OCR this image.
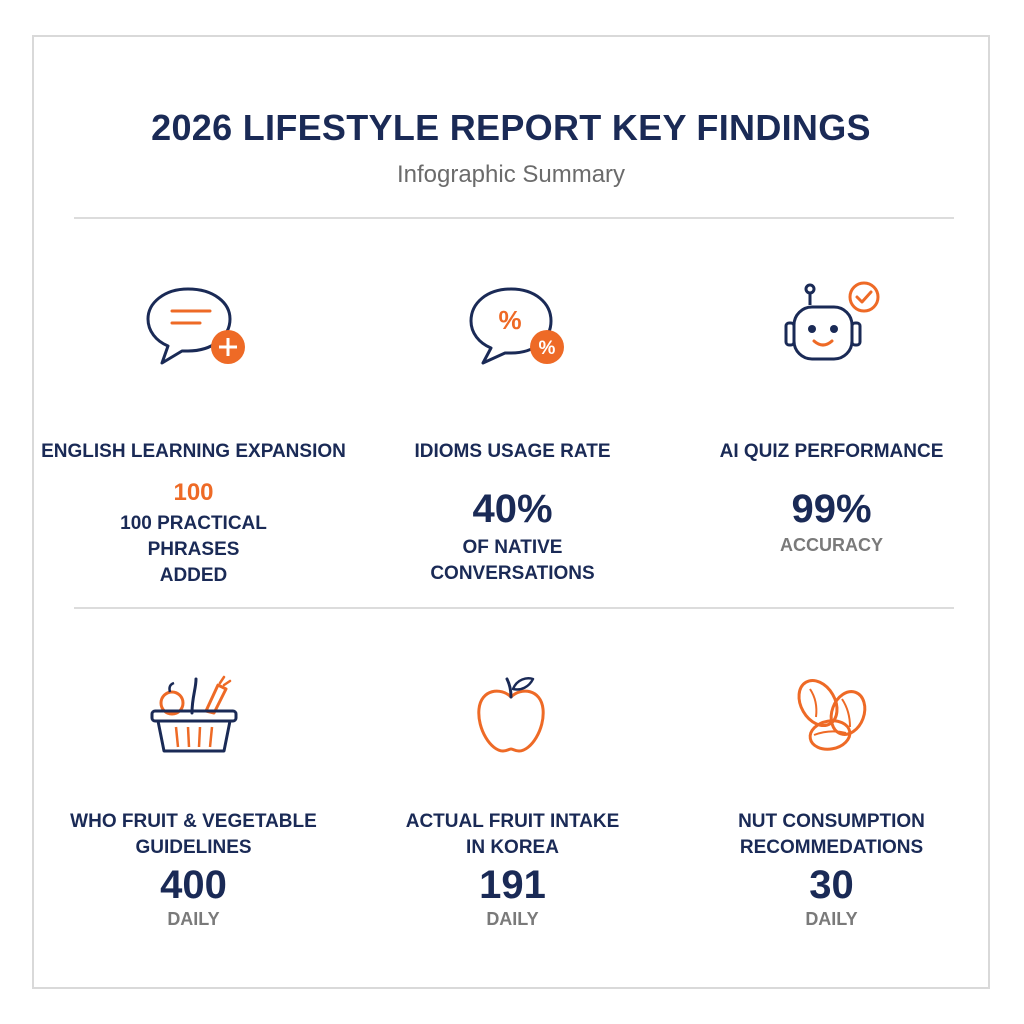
2026 LIFESTYLE REPORT KEY FINDINGS
Infographic Summary
ENGLISH LEARNING EXPANSION
100
100 PRACTICAL
PHRASES
ADDED
%
%
IDIOMS USAGE RATE
40%
OF NATIVE
CONVERSATIONS
AI QUIZ PERFORMANCE
99%
ACCURACY
WHO FRUIT & VEGETABLE
GUIDELINES
400
DAILY
ACTUAL FRUIT INTAKE
IN KOREA
191
DAILY
NUT CONSUMPTION
RECOMMEDATIONS
30
DAILY
